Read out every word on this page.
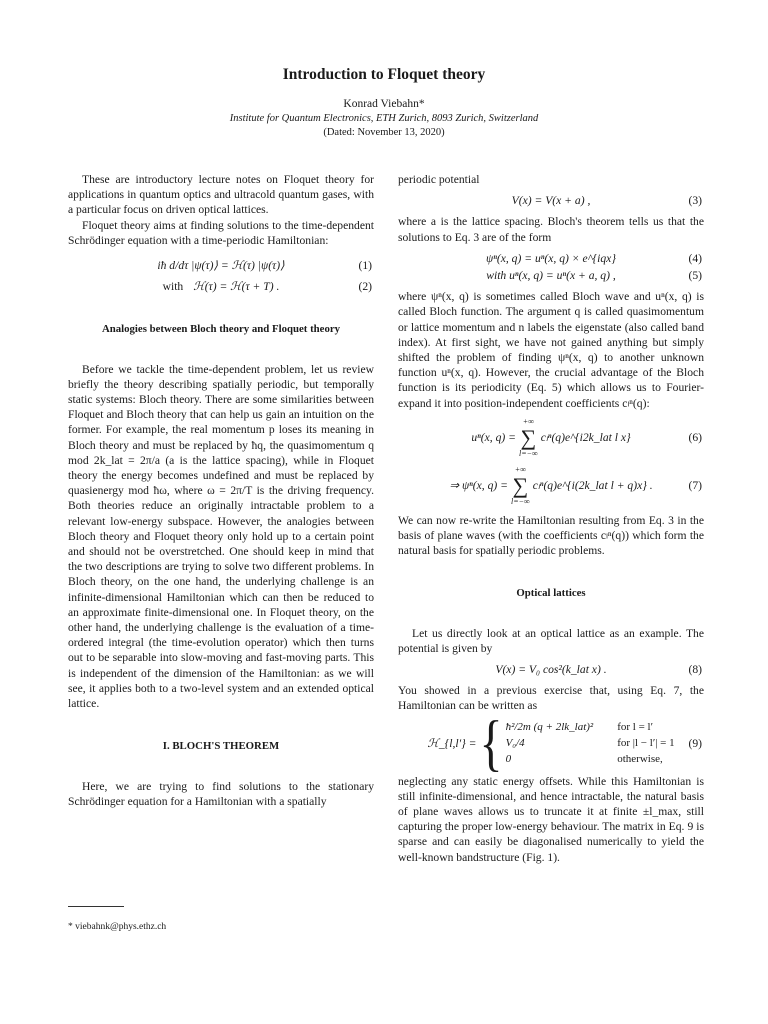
Introduction to Floquet theory
Konrad Viebahn*
Institute for Quantum Electronics, ETH Zurich, 8093 Zurich, Switzerland
(Dated: November 13, 2020)

These are introductory lecture notes on Floquet theory for applications in quantum optics and ultracold quantum gases, with a particular focus on driven optical lattices.

Floquet theory aims at finding solutions to the time-dependent Schrödinger equation with a time-periodic Hamiltonian:

iħ d/dτ |ψ(τ)⟩ = ℋ(τ) |ψ(τ)⟩	(1)
with ℋ(τ) = ℋ(τ + T) .	(2)
Analogies between Bloch theory and Floquet theory

Before we tackle the time-dependent problem, let us review briefly the theory describing spatially periodic, but temporally static systems: Bloch theory. There are some similarities between Floquet and Bloch theory that can help us gain an intuition on the former. For example, the real momentum p loses its meaning in Bloch theory and must be replaced by ħq, the quasimomentum q mod 2k_lat = 2π/a (a is the lattice spacing), while in Floquet theory the energy becomes undefined and must be replaced by quasienergy mod ħω, where ω = 2π/T is the driving frequency. Both theories reduce an originally intractable problem to a relevant low-energy subspace. However, the analogies between Bloch theory and Floquet theory only hold up to a certain point and should not be overstretched. One should keep in mind that the two descriptions are trying to solve two different problems. In Bloch theory, on the one hand, the underlying challenge is an infinite-dimensional Hamiltonian which can then be reduced to an approximate finite-dimensional one. In Floquet theory, on the other hand, the underlying challenge is the evaluation of a time-ordered integral (the time-evolution operator) which then turns out to be separable into slow-moving and fast-moving parts. This is independent of the dimension of the Hamiltonian: as we will see, it applies both to a two-level system and an extended optical lattice.

I. BLOCH'S THEOREM

Here, we are trying to find solutions to the stationary Schrödinger equation for a Hamiltonian with a spatially

periodic potential

V(x) = V(x + a) ,	(3)

where a is the lattice spacing. Bloch's theorem tells us that the solutions to Eq. 3 are of the form

ψⁿ(x, q) = uⁿ(x, q) × e^{iqx}	(4)
with uⁿ(x, q) = uⁿ(x + a, q) ,	(5)

where ψⁿ(x, q) is sometimes called Bloch wave and uⁿ(x, q) is called Bloch function. The argument q is called quasimomentum or lattice momentum and n labels the eigenstate (also called band index). At first sight, we have not gained anything but simply shifted the problem of finding ψⁿ(x, q) to another unknown function uⁿ(x, q). However, the crucial advantage of the Bloch function is its periodicity (Eq. 5) which allows us to Fourier-expand it into position-independent coefficients cₗⁿ(q):

uⁿ(x, q) =
+∞
∑
l=−∞
cₗⁿ(q)e^{i2k_lat l x}	(6)
⇒ ψⁿ(x, q) =
+∞
∑
l=−∞
cₗⁿ(q)e^{i(2k_lat l + q)x} .	(7)

We can now re-write the Hamiltonian resulting from Eq. 3 in the basis of plane waves (with the coefficients cₗⁿ(q)) which form the natural basis for spatially periodic problems.

Optical lattices

Let us directly look at an optical lattice as an example. The potential is given by

V(x) = V₀ cos²(k_lat x) .	(8)

You showed in a previous exercise that, using Eq. 7, the Hamiltonian can be written as

ℋ_{l,l′} = { ħ²/2m (q + 2lk_lat)² for l = l′
V₀/4	for |l − l′| = 1
0	otherwise,
(9)

neglecting any static energy offsets. While this Hamiltonian is still infinite-dimensional, and hence intractable, the natural basis of plane waves allows us to truncate it at finite ±l_max, still capturing the proper low-energy behaviour. The matrix in Eq. 9 is sparse and can easily be diagonalised numerically to yield the well-known bandstructure (Fig. 1).

* viebahnk@phys.ethz.ch
